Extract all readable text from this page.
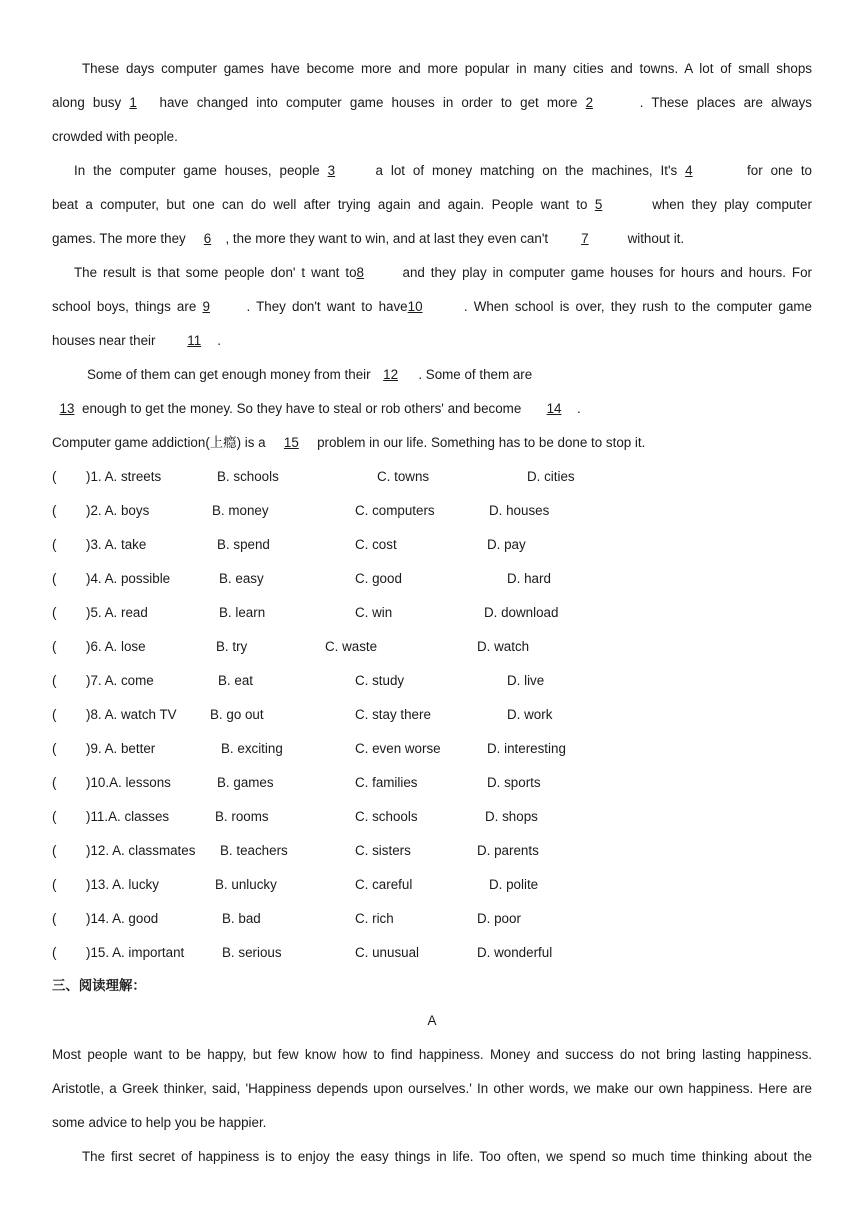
These days computer games have become more and more popular in many cities and towns. A lot of small shops
along busy 1 have changed into computer game houses in order to get more 2	. These places are always
crowded with people.
In the computer game houses, people 3	a lot of money matching on the machines, It's 4	for one to
beat a computer, but one can do well after trying again and again. People want to 5	when they play computer
games. The more they 6 , the more they want to win, and at last they even can't 7	without it.
The result is that some people don' t want to8	and they play in computer game houses for hours and hours. For
school boys, things are 9	. They don't want to have10	. When school is over, they rush to the computer game
houses near their 11 .
Some of them can get enough money from their 12 . Some of them are
13 enough to get the money. So they have to steal or rob others' and become 14 .
Computer game addiction(上瘾) is a 15 problem in our life. Something has to be done to stop it.
( )1. A. streets	B. schools	C. towns	D. cities
( )2. A. boys	B. money	C. computers	D. houses
( )3. A. take	B. spend	C. cost	D. pay
( )4. A. possible	B. easy	C. good	D. hard
( )5. A. read	B. learn	C. win	D. download
( )6. A. lose	B. try	C. waste	D. watch
( )7. A. come	B. eat	C. study	D. live
( )8. A. watch TV B. go out	C. stay there	D. work
( )9. A. better	B. exciting	C. even worse	D. interesting
( )10.A. lessons	B. games	C. families	D. sports
( )11.A. classes	B. rooms	C. schools	D. shops
( )12. A. classmates B. teachers	C. sisters	D. parents
( )13. A. lucky	B. unlucky	C. careful	D. polite
( )14. A. good	B. bad	C. rich	D. poor
( )15. A. important	B. serious	C. unusual	D. wonderful
三、阅读理解：
A
Most people want to be happy, but few know how to find happiness. Money and success do not bring lasting happiness.
Aristotle, a Greek thinker, said, 'Happiness depends upon ourselves.' In other words, we make our own happiness. Here are
some advice to help you be happier.
The first secret of happiness is to enjoy the easy things in life. Too often, we spend so much time thinking about the
